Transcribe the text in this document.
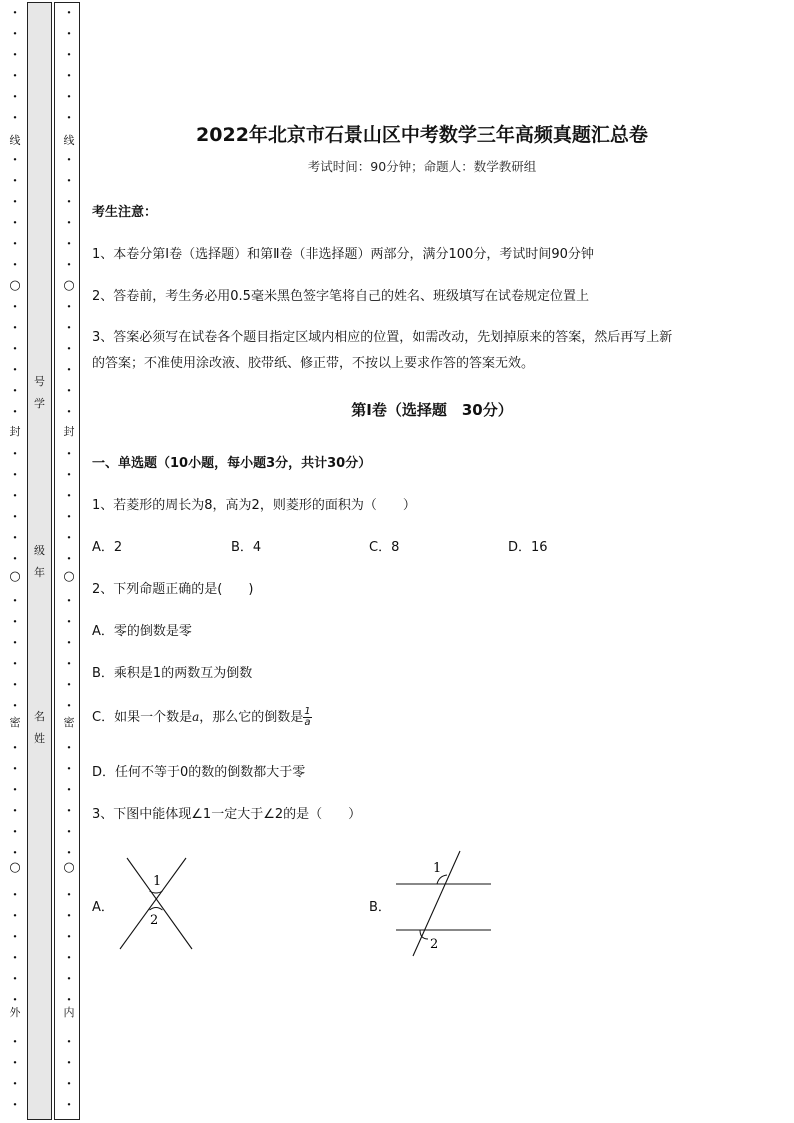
·
·
·
·
·
·
·
·
·
·
·
·
·
·
·
·
·
·
·
·
·
·
·
·
·
·
·
·
·
·
·
·
·
·
·
·
·
·
·
·
·
·
·
·
·
·
线
○
封
○
密
○
外
·
·
·
·
·
·
·
·
·
·
·
·
·
·
·
·
·
·
·
·
·
·
·
·
·
·
·
·
·
·
·
·
·
·
·
·
·
·
·
·
·
·
·
·
·
·
线
○
封
○
密
○
内
号
学
级
年
名
姓
2022年北京市石景山区中考数学三年高频真题汇总卷
考试时间：90分钟；命题人：数学教研组
考生注意：
1、本卷分第I卷（选择题）和第Ⅱ卷（非选择题）两部分，满分100分，考试时间90分钟
2、答卷前，考生务必用0.5毫米黑色签字笔将自己的姓名、班级填写在试卷规定位置上
3、答案必须写在试卷各个题目指定区域内相应的位置，如需改动，先划掉原来的答案，然后再写上新
的答案；不准使用涂改液、胶带纸、修正带，不按以上要求作答的答案无效。
第I卷（选择题　30分）
一、单选题（10小题，每小题3分，共计30分）
1、若菱形的周长为8，高为2，则菱形的面积为（　　）
A．2	B．4	C．8	D．16
2、下列命题正确的是(　　)
A．零的倒数是零
B．乘积是1的两数互为倒数
C．如果一个数是a，那么它的倒数是 $\frac{1}{a}$
D．任何不等于0的数的倒数都大于零
3、下图中能体现∠1一定大于∠2的是（　　）
A．	B．
1
2
1
2
